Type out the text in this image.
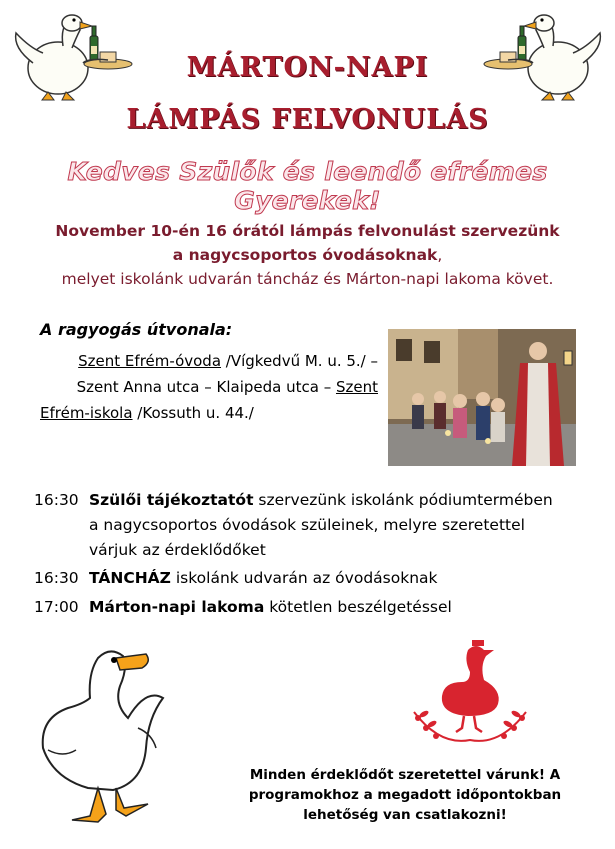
MÁRTON-NAPI
LÁMPÁS FELVONULÁS
Kedves Szülők és leendő efrémes Gyerekek!
November 10-én 16 órától lámpás felvonulást szervezünk
a nagycsoportos óvodásoknak,
melyet iskolánk udvarán táncház és Márton-napi lakoma követ.
A ragyogás útvonala:
Szent Efrém-óvoda /Vígkedvű M. u. 5./ –
Szent Anna utca – Klaipeda utca – Szent
Efrém-iskola /Kossuth u. 44./
16:30 Szülői tájékoztatót szervezünk iskolánk pódiumtermében
a nagycsoportos óvodások szüleinek, melyre szeretettel
várjuk az érdeklődőket
16:30 TÁNCHÁZ iskolánk udvarán az óvodásoknak
17:00 Márton-napi lakoma kötetlen beszélgetéssel
Minden érdeklődőt szeretettel várunk! A
programokhoz a megadott időpontokban
lehetőség van csatlakozni!
